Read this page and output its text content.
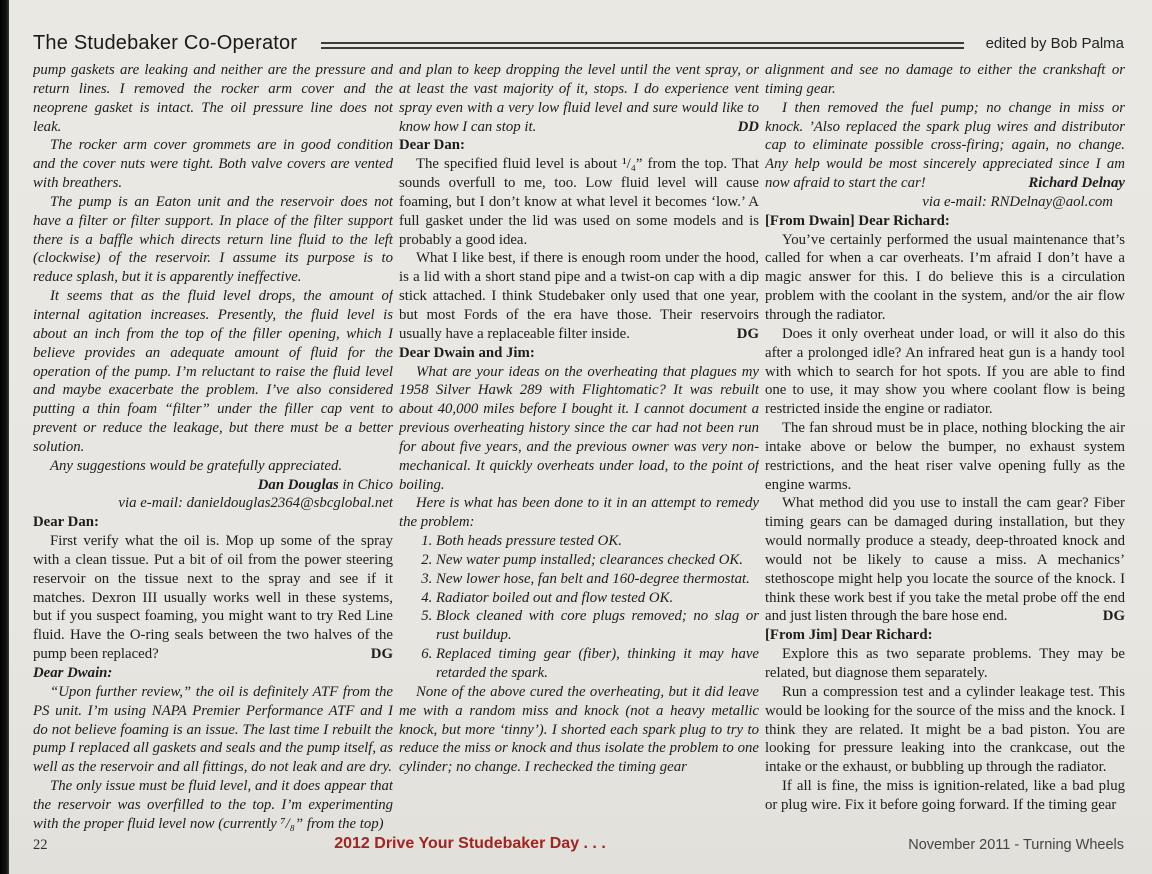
The Studebaker Co-Operator	edited by Bob Palma

pump gaskets are leaking and neither are the pressure and return lines. I removed the rocker arm cover and the neoprene gasket is intact. The oil pressure line does not leak.

The rocker arm cover grommets are in good condition and the cover nuts were tight. Both valve covers are vented with breathers.

The pump is an Eaton unit and the reservoir does not have a filter or filter support. In place of the filter support there is a baffle which directs return line fluid to the left (clockwise) of the reservoir. I assume its purpose is to reduce splash, but it is apparently ineffective.

It seems that as the fluid level drops, the amount of internal agitation increases. Presently, the fluid level is about an inch from the top of the filler opening, which I believe provides an adequate amount of fluid for the operation of the pump. I’m reluctant to raise the fluid level and maybe exacerbate the problem. I’ve also considered putting a thin foam “filter” under the filler cap vent to prevent or reduce the leakage, but there must be a better solution.

Any suggestions would be gratefully appreciated.

Dan Douglas in Chico

via e-mail: danieldouglas2364@sbcglobal.net

Dear Dan:

First verify what the oil is. Mop up some of the spray with a clean tissue. Put a bit of oil from the power steering reservoir on the tissue next to the spray and see if it matches. Dexron III usually works well in these systems, but if you suspect foaming, you might want to try Red Line fluid. Have the O-ring seals between the two halves of the pump been replaced?	DG

Dear Dwain:

“Upon further review,” the oil is definitely ATF from the PS unit. I’m using NAPA Premier Performance ATF and I do not believe foaming is an issue. The last time I rebuilt the pump I replaced all gaskets and seals and the pump itself, as well as the reservoir and all fittings, do not leak and are dry.

The only issue must be fluid level, and it does appear that the reservoir was overfilled to the top. I’m experimenting with the proper fluid level now (currently ⁷/₈” from the top)

and plan to keep dropping the level until the vent spray, or at least the vast majority of it, stops. I do experience vent spray even with a very low fluid level and sure would like to know how I can stop it.	DD

Dear Dan:

The specified fluid level is about ¹/₄” from the top. That sounds overfull to me, too. Low fluid level will cause foaming, but I don’t know at what level it becomes ‘low.’ A full gasket under the lid was used on some models and is probably a good idea.

What I like best, if there is enough room under the hood, is a lid with a short stand pipe and a twist-on cap with a dip stick attached. I think Studebaker only used that one year, but most Fords of the era have those. Their reservoirs usually have a replaceable filter inside.	DG

Dear Dwain and Jim:

What are your ideas on the overheating that plagues my 1958 Silver Hawk 289 with Flightomatic? It was rebuilt about 40,000 miles before I bought it. I cannot document a previous overheating history since the car had not been run for about five years, and the previous owner was very non-mechanical. It quickly overheats under load, to the point of boiling.

Here is what has been done to it in an attempt to remedy the problem:

1. Both heads pressure tested OK.
2. New water pump installed; clearances checked OK.
3. New lower hose, fan belt and 160-degree thermostat.
4. Radiator boiled out and flow tested OK.
5. Block cleaned with core plugs removed; no slag or rust buildup.
6. Replaced timing gear (fiber), thinking it may have retarded the spark.

None of the above cured the overheating, but it did leave me with a random miss and knock (not a heavy metallic knock, but more ‘tinny’). I shorted each spark plug to try to reduce the miss or knock and thus isolate the problem to one cylinder; no change. I rechecked the timing gear

alignment and see no damage to either the crankshaft or timing gear.

I then removed the fuel pump; no change in miss or knock. ’Also replaced the spark plug wires and distributor cap to eliminate possible cross-firing; again, no change. Any help would be most sincerely appreciated since I am now afraid to start the car!	Richard Delnay

via e-mail: RNDelnay@aol.com

[From Dwain] Dear Richard:

You’ve certainly performed the usual maintenance that’s called for when a car overheats. I’m afraid I don’t have a magic answer for this. I do believe this is a circulation problem with the coolant in the system, and/or the air flow through the radiator.

Does it only overheat under load, or will it also do this after a prolonged idle? An infrared heat gun is a handy tool with which to search for hot spots. If you are able to find one to use, it may show you where coolant flow is being restricted inside the engine or radiator.

The fan shroud must be in place, nothing blocking the air intake above or below the bumper, no exhaust system restrictions, and the heat riser valve opening fully as the engine warms.

What method did you use to install the cam gear? Fiber timing gears can be damaged during installation, but they would normally produce a steady, deep-throated knock and would not be likely to cause a miss. A mechanics’ stethoscope might help you locate the source of the knock. I think these work best if you take the metal probe off the end and just listen through the bare hose end.	DG

[From Jim] Dear Richard:

Explore this as two separate problems. They may be related, but diagnose them separately.

Run a compression test and a cylinder leakage test. This would be looking for the source of the miss and the knock. I think they are related. It might be a bad piston. You are looking for pressure leaking into the crankcase, out the intake or the exhaust, or bubbling up through the radiator.

If all is fine, the miss is ignition-related, like a bad plug or plug wire. Fix it before going forward. If the timing gear

22	2012 Drive Your Studebaker Day . . .	November 2011 - Turning Wheels
